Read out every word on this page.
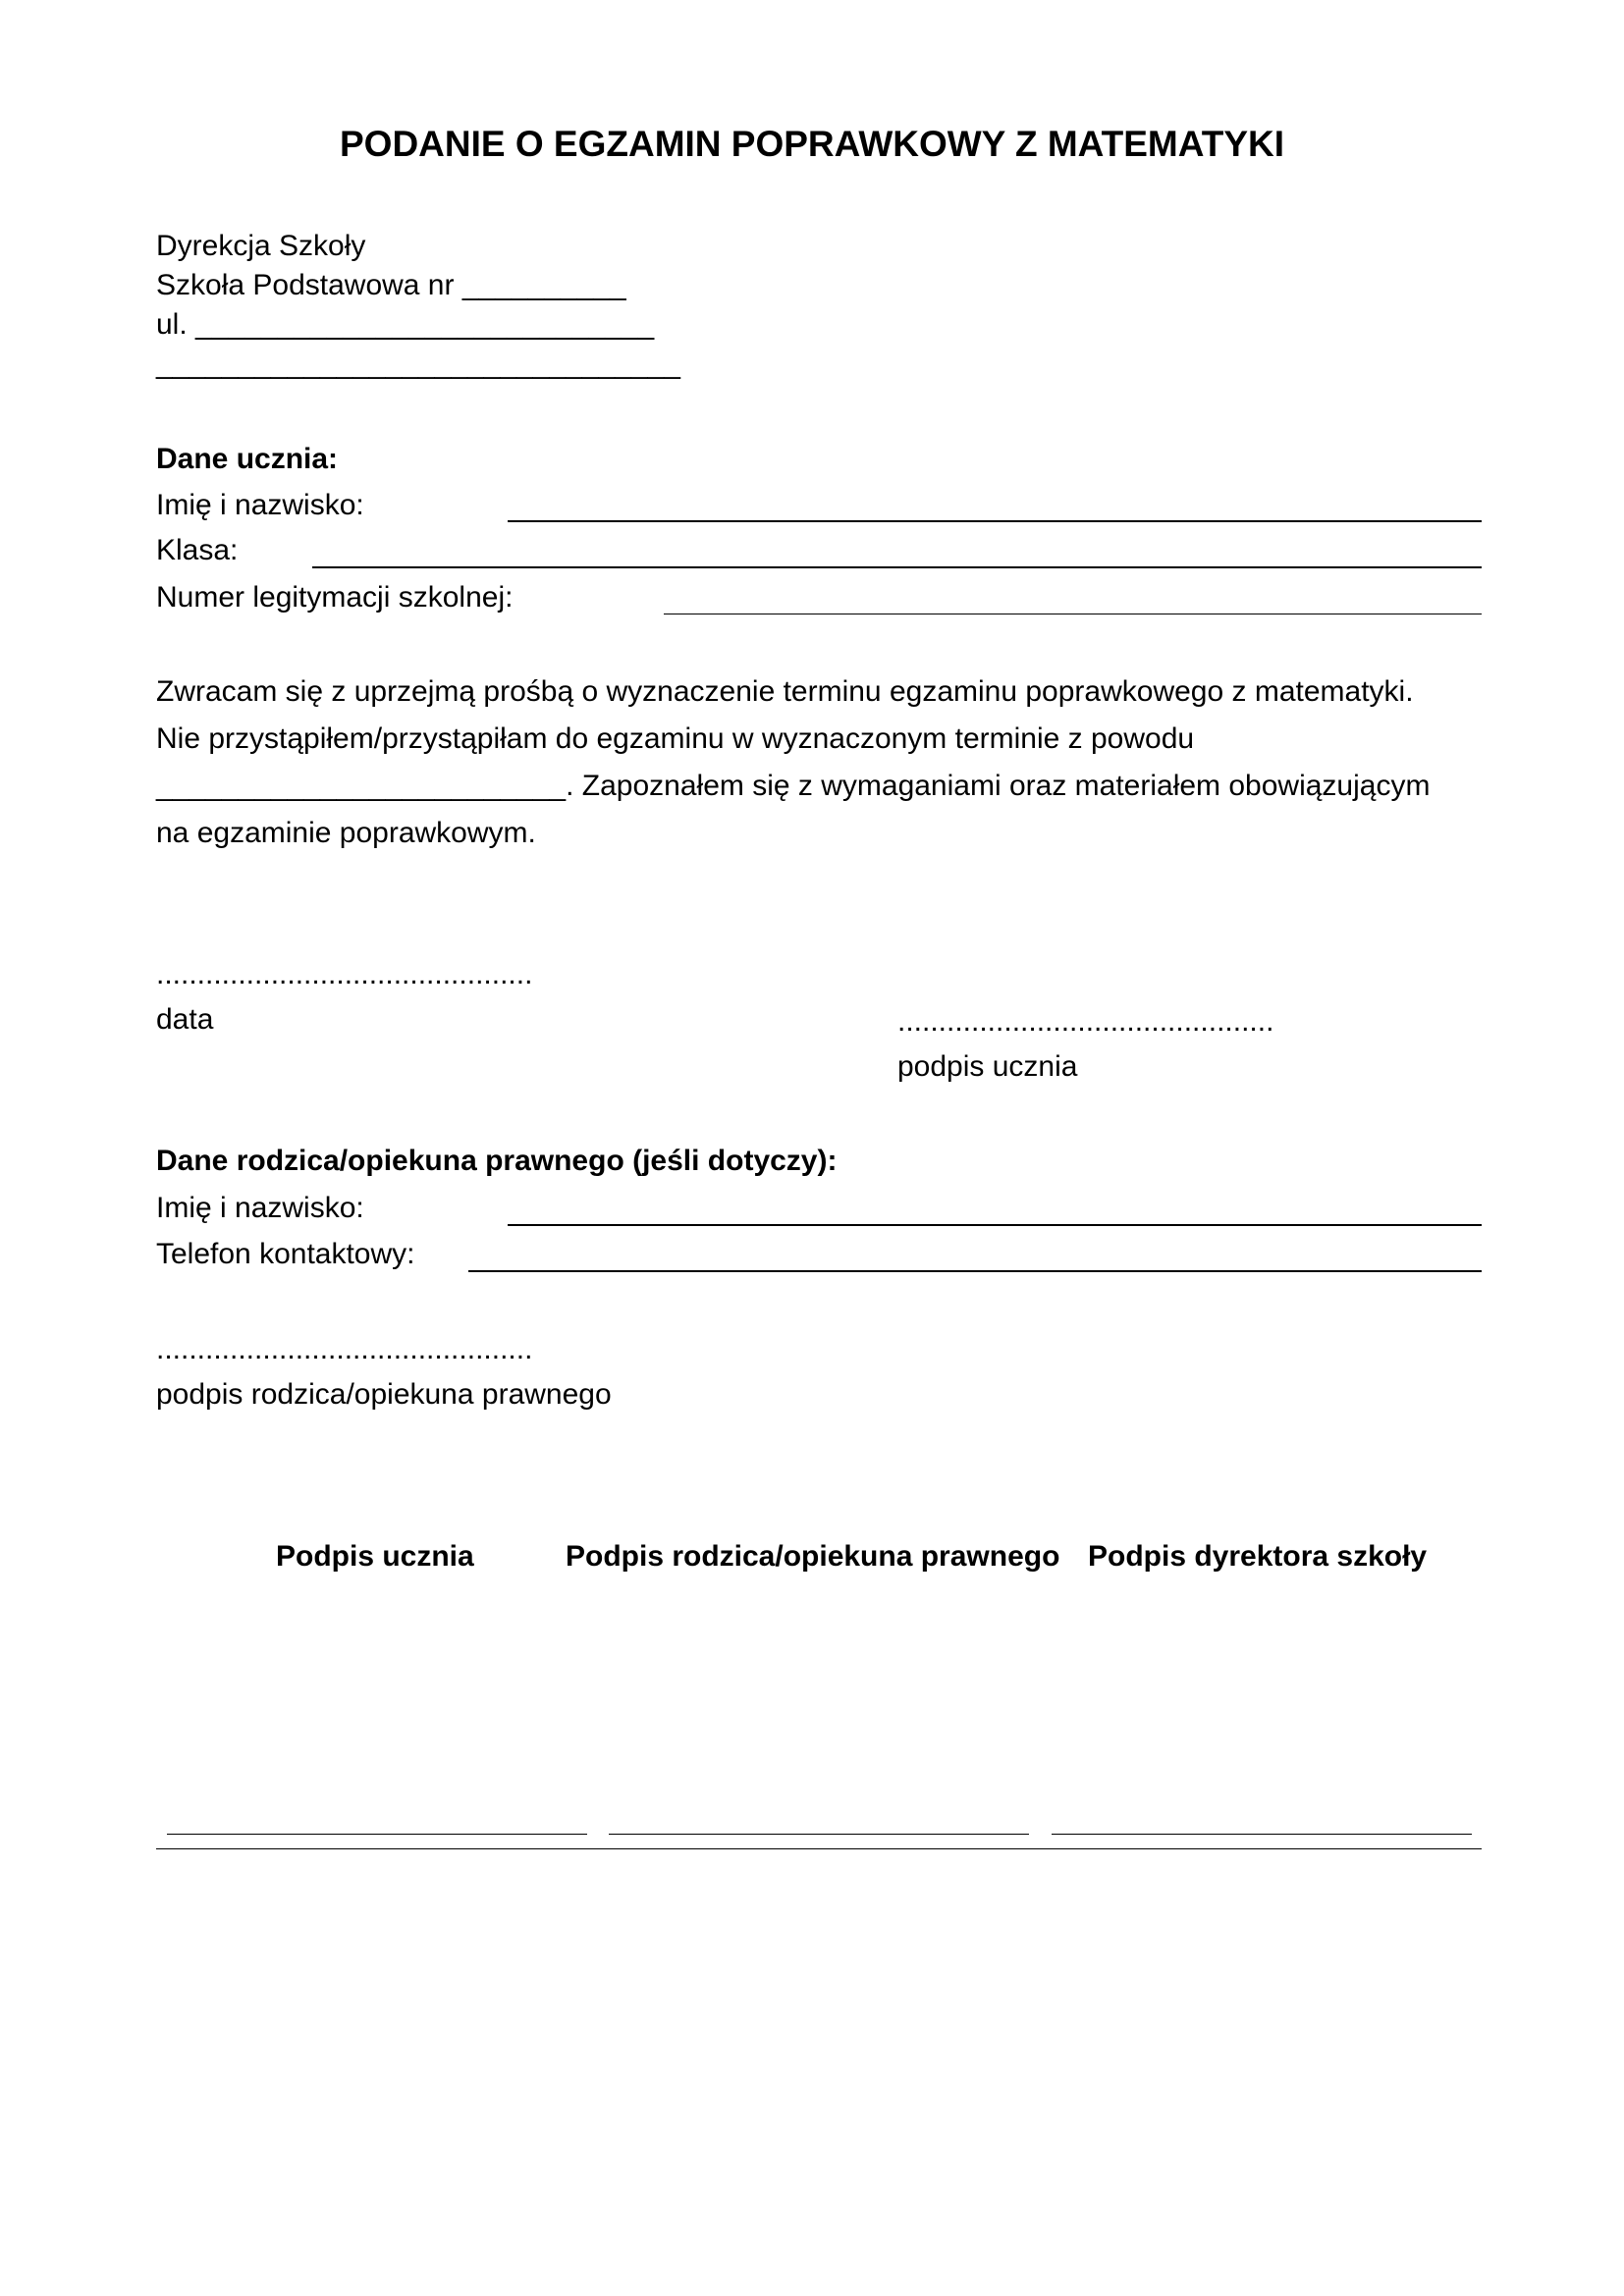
PODANIE O EGZAMIN POPRAWKOWY Z MATEMATYKI
Dyrekcja Szkoły
Szkoła Podstawowa nr __________
ul. ____________________________
________________________________
Dane ucznia:
Imię i nazwisko:
Klasa:
Numer legitymacji szkolnej:
Zwracam się z uprzejmą prośbą o wyznaczenie terminu egzaminu poprawkowego z matematyki.
Nie przystąpiłem/przystąpiłam do egzaminu w wyznaczonym terminie z powodu
_________________________. Zapoznałem się z wymaganiami oraz materiałem obowiązującym
na egzaminie poprawkowym.
..............................................
data	..............................................
podpis ucznia
Dane rodzica/opiekuna prawnego (jeśli dotyczy):
Imię i nazwisko:
Telefon kontaktowy:
..............................................
podpis rodzica/opiekuna prawnego
Podpis ucznia	Podpis rodzica/opiekuna prawnego Podpis dyrektora szkoły
